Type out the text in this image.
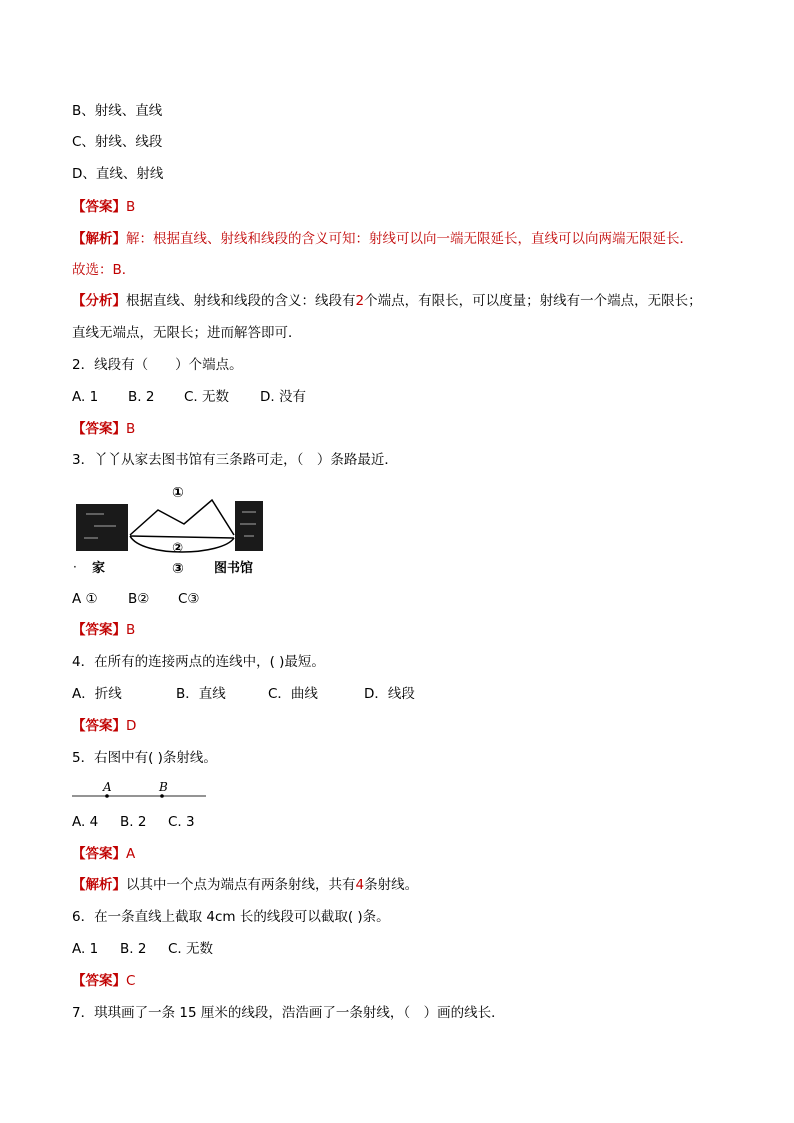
B、射线、直线
C、射线、线段
D、直线、射线
【答案】B
【解析】解：根据直线、射线和线段的含义可知：射线可以向一端无限延长，直线可以向两端无限延长．
故选：B．
【分析】根据直线、射线和线段的含义：线段有2个端点，有限长，可以度量；射线有一个端点，无限长；
直线无端点，无限长；进而解答即可．
2．线段有（　　）个端点。
A. 1 B. 2 C. 无数 D. 没有
【答案】B
3．丫丫从家去图书馆有三条路可走，（　）条路最近．
①
②
③
· 家	图书馆
A ① B② C③
【答案】B
4．在所有的连接两点的连线中，( )最短。
A．折线	B．直线	C．曲线	D．线段
【答案】D
5．右图中有( )条射线。
A	B
A. 4 B. 2 C. 3
【答案】A
【解析】以其中一个点为端点有两条射线，共有4条射线。
6．在一条直线上截取 4cm 长的线段可以截取( )条。
A. 1 B. 2 C. 无数
【答案】C
7．琪琪画了一条 15 厘米的线段，浩浩画了一条射线，（　）画的线长．
